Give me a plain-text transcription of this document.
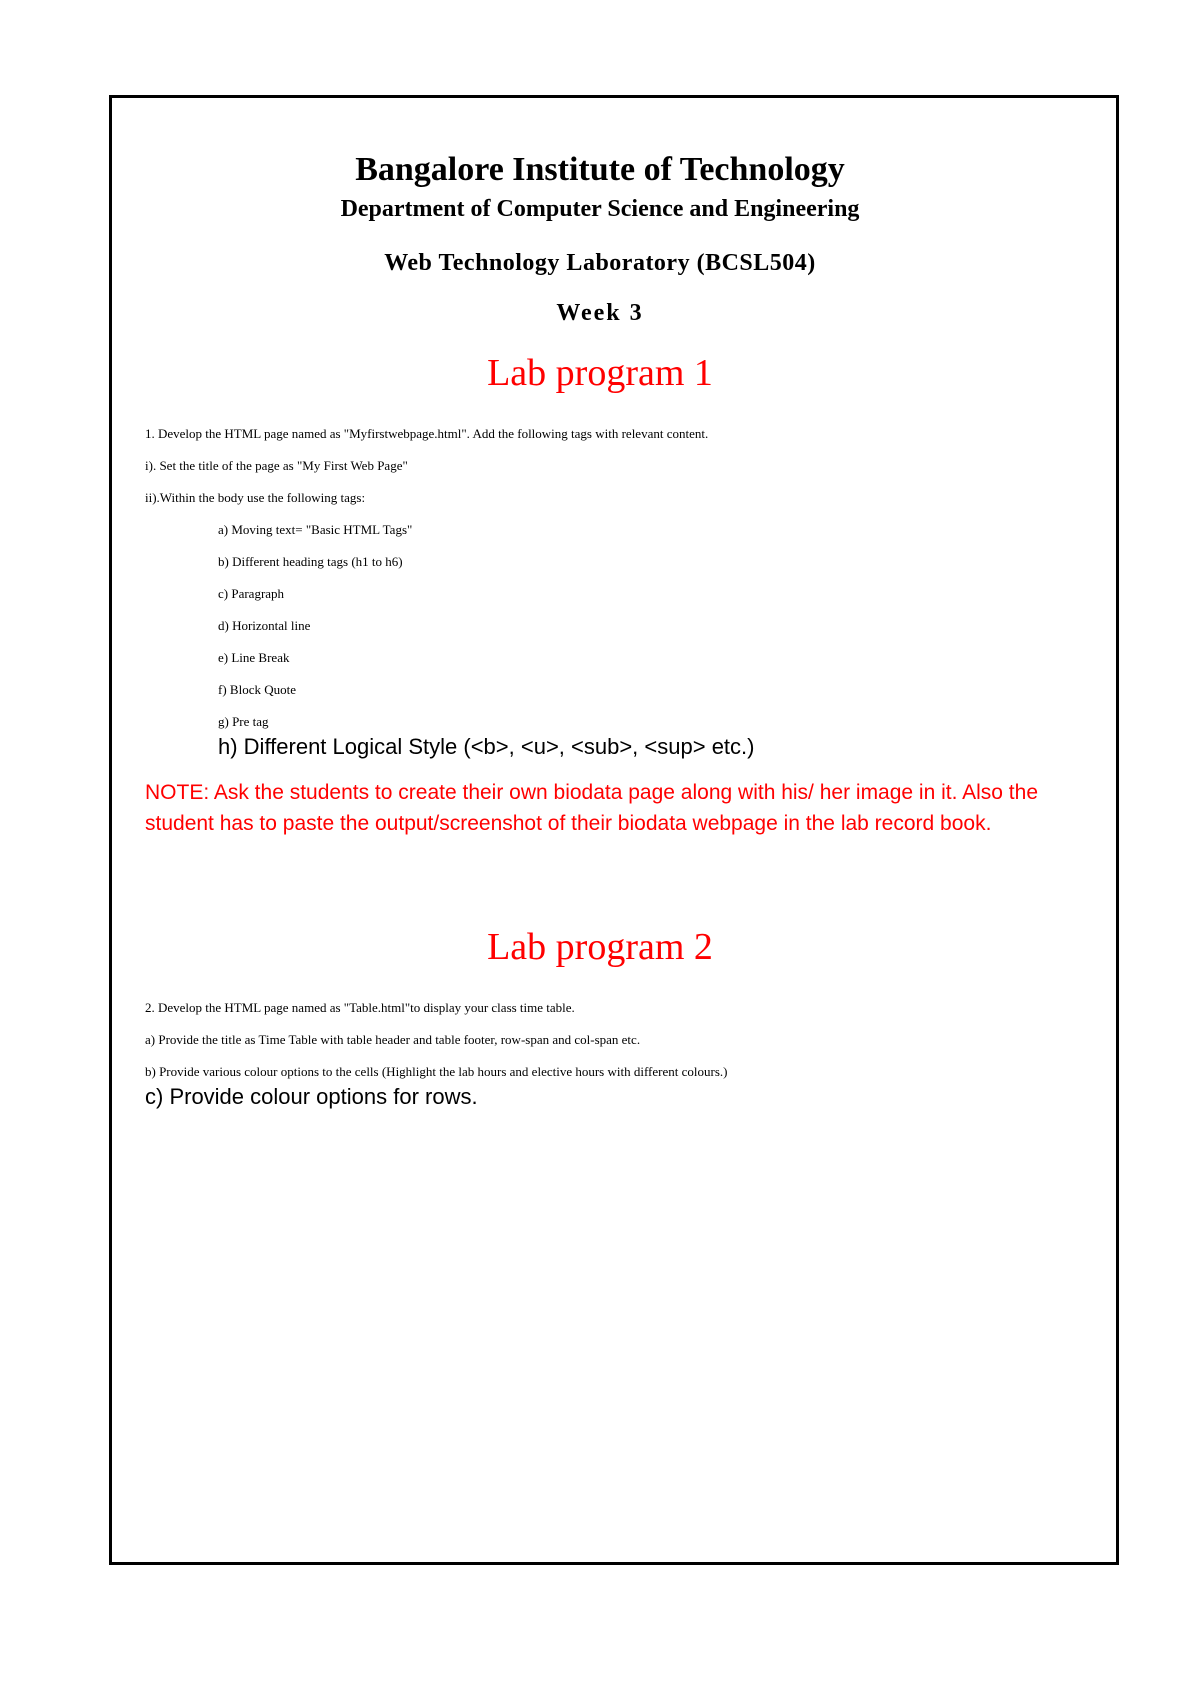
Bangalore Institute of Technology
Department of Computer Science and Engineering
Web Technology Laboratory (BCSL504)
Week 3
Lab program 1
1. Develop the HTML page named as "Myfirstwebpage.html". Add the following tags with relevant content.
i). Set the title of the page as "My First Web Page"
ii).Within the body use the following tags:
a) Moving text= "Basic HTML Tags"
b) Different heading tags (h1 to h6)
c) Paragraph
d) Horizontal line
e) Line Break
f) Block Quote
g) Pre tag
h) Different Logical Style (<b>, <u>, <sub>, <sup> etc.)
NOTE: Ask the students to create their own biodata page along with his/ her image in it. Also the student has to paste the output/screenshot of their biodata webpage in the lab record book.
Lab program 2
2. Develop the HTML page named as "Table.html"to display your class time table.
a) Provide the title as Time Table with table header and table footer, row-span and col-span etc.
b) Provide various colour options to the cells (Highlight the lab hours and elective hours with different colours.)
c) Provide colour options for rows.
